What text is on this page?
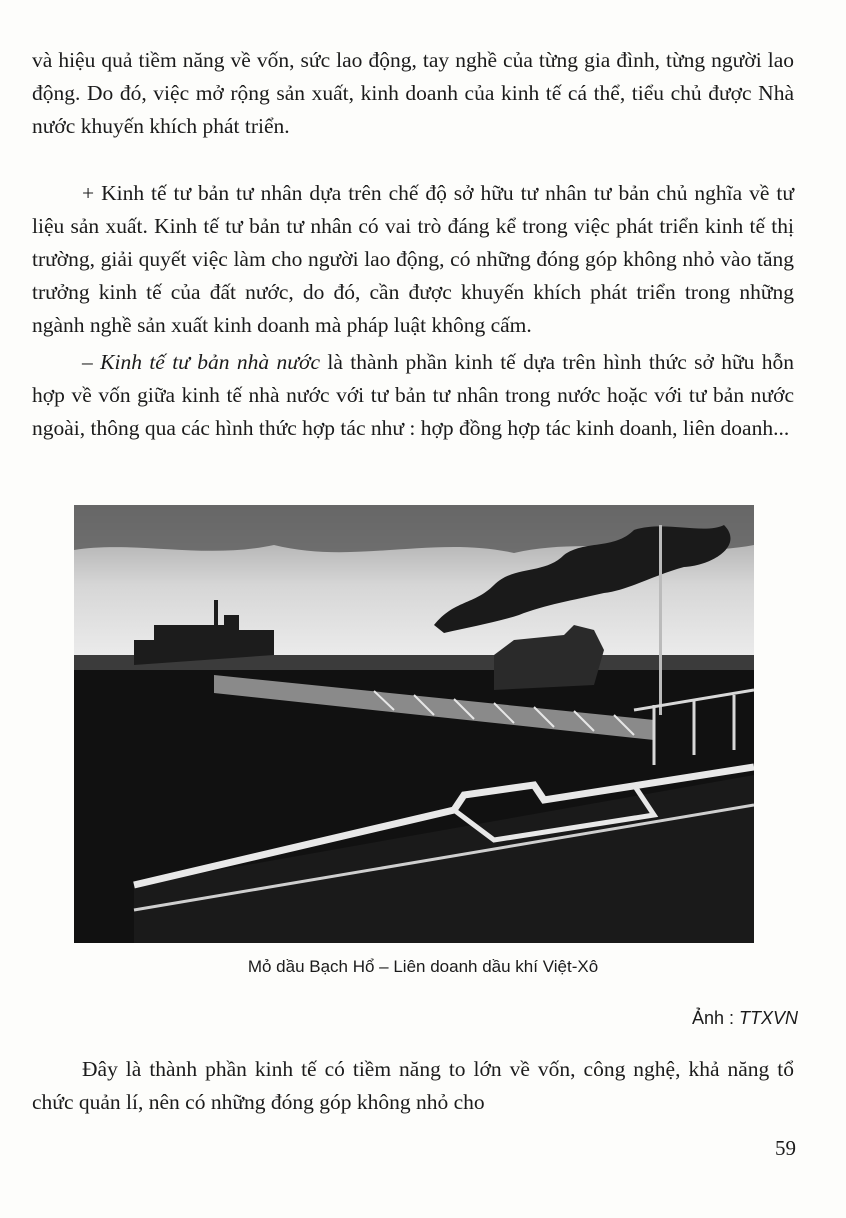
và hiệu quả tiềm năng về vốn, sức lao động, tay nghề của từng gia đình, từng người lao động. Do đó, việc mở rộng sản xuất, kinh doanh của kinh tế cá thể, tiểu chủ được Nhà nước khuyến khích phát triển.

+ Kinh tế tư bản tư nhân dựa trên chế độ sở hữu tư nhân tư bản chủ nghĩa về tư liệu sản xuất. Kinh tế tư bản tư nhân có vai trò đáng kể trong việc phát triển kinh tế thị trường, giải quyết việc làm cho người lao động, có những đóng góp không nhỏ vào tăng trưởng kinh tế của đất nước, do đó, cần được khuyến khích phát triển trong những ngành nghề sản xuất kinh doanh mà pháp luật không cấm.

– Kinh tế tư bản nhà nước là thành phần kinh tế dựa trên hình thức sở hữu hỗn hợp về vốn giữa kinh tế nhà nước với tư bản tư nhân trong nước hoặc với tư bản nước ngoài, thông qua các hình thức hợp tác như : hợp đồng hợp tác kinh doanh, liên doanh...

Mỏ dầu Bạch Hổ – Liên doanh dầu khí Việt-Xô
Ảnh : TTXVN

Đây là thành phần kinh tế có tiềm năng to lớn về vốn, công nghệ, khả năng tổ chức quản lí, nên có những đóng góp không nhỏ cho

59
